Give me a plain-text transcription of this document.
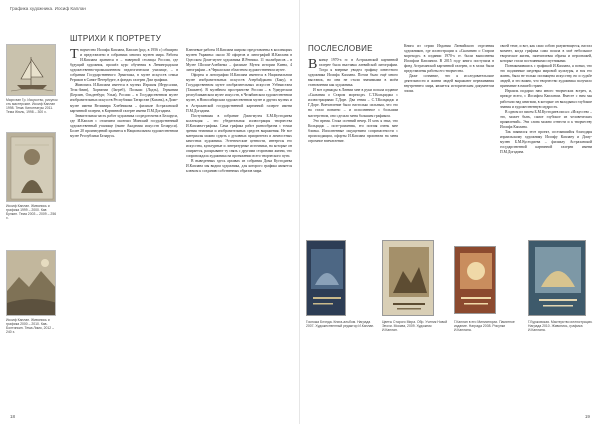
Графика художника. Иосиф Каплан
Мари ван Гр. Искусство, рисунок сть мастерские. Иосиф Каплан 1998. Тема: Кинотеатры 2011. Тема Жюль, 1998 – 300 х.
Иосиф Каплан. Живопись и графика 1999 – 2000. Кав Булкин. Тема 2003 – 2009 – 256 х.
Иосиф Каплан. Живопись и графика 2000 – 2010. Кав-Болтинкин. Тема Лимо, 2012 – 240 х.
ШТРИХИ К ПОРТРЕТУ

Творчество Иосифа Каплана, Каплан (род. в 1956 г.) обширно и представлено в собраниях многих музеев мира. Работы И.Каплана хранятся в – наверной столицы России, где будущий художник, прошёл курс обучения в Ленинградском художественно-промышленном педагогическом училище, – в собрании Государственного Эрмитажа, в музее искусств семьи Рерихов в Санкт-Петербурге, в фондах галереи Дом графики.

Живопись И.Каплана имеется в музеях Израиля (Иерусалим, Тель-Авив), Хорватии (Загреб), Польши (Лодзь), Германии (Берлин, Ольденбург, Ульм), России – в Государственном музее изобразительных искусств Республики Татарстан (Казань), в Доме-музее имени Велимира Хлебникова – филиале Астраханской картинной галереи, в Картинной галерее имени П.М.Догадина.

Значительная часть работ художника сосредоточена в Беларуси, где И.Каплан с отличием окончил Минский государственный художественный училище (ныне Академия искусств Беларуси). Более 20 произведений хранится в Национальном художественном музее Республики Беларусь.

Ключевые работы И.Каплана широко представлены в коллекциях музеев Украины: около 30 офортов и литографий И.Каплана в Одесском Доме-музее художника И.Ревзика. 11 экслибрисов – в Музее Шолом-Алейхема – филиале Музея истории Киева, 4 литографии – в Черкасском областном художественном музее.

Офорты и литографии И.Каплана имеются в Национальном музее изобразительных искусств Азербайджана (Баку), в Государственном музее изобразительных искусств Узбекистана (Ташкент). В музейном пространстве России – в Удмуртском республиканском музее искусств, в Челябинском художественном музее, в Новосибирском художественном музее и других музеях и в Астраханской государственной картинной галерее имени П.М.Догадина.

Поступившая в собрание Дома-музея Б.М.Кустодиева коллекция – это убедительная иллюстрация творчества И.Каплана-графика. Сама графика работ разнообразна с точки зрения тематики и изобразительных средств выражения. Не все материалы можно судить о духовных приоритетах и личностных качествах художника. Эстетические ценности, интересы его искусства, культурные и литературные источники, на которые он опирается, раскрывают ту связь с другими сторонами жизни, что сопровождала художника на протяжении всего творческого пути.

В выведенных здесь архивах из собрания Дома Кустодиева И.Каплана мы видим художника, для которого графика является ключом к созданию собственных образов мира.

18
ПОСЛЕСЛОВИЕ

Вконце 1970-х гг. в Астраханской картинной галерее была выставка латвийской литографии. Тогда я впервые увидел графику известного художника Иосифа Каплана. Потом было ещё много выставок, но они не стали значимыми в моём становлении как художника.

И вот однажды в Латвии мне в руки попала издание «Сказания о Старом мореходе» С.Т.Кольриджа с иллюстрациями Г.Доре. Два гения – С.Т.Кольридж и Г.Доре. Впечатление было настолько сильным, что это на стало понятно – и исполненное с большим мастерством, оно сделало меня большим графиком.

Это время. Стоял осенний вечер. И хоть я знал, что Кольридж – поэт-романтик, его поэзия очень мне близка. Исполненные ощущением сопричастности с происходящим, офорты И.Каплана произвели на меня огромное впечатление.

Книга из серии Издания Латвийского отделения художников, где иллюстрации к «Сказанию о Старом мореходе» в издании 1970-х гг. были выполнены Иосифом Капланом. В 2015 году книга поступила в фонд Астраханской картинной галереи, и в залах были представлены работы его творчества.

Даже сознание, что я исследовательские деятельности и жизни людей выражают переживания внутреннего мира, является историческим документом эпохи.

своей теме, и вот, как само собою разумеющееся, настал момент, когда графика сама пошла в моё небольшое творческое жизнь, запечатлевая образы и персонажей, которые стали постоянными спутниками.

Познакомившись с графикой И.Каплана, я понял, что это подлинные шедевры мировой культуры, и вся его жизнь, была не только посвящена искусству, но и судьбе людей, и это важно, что творчество художника получило признание в нашей стране.

Израиль подарил нам много творческих встреч, и, прежде всего, с Иосифом Капланом. Вместе с ним мы работали над книгами, в которые он вкладывал глубокие знания и художественную мудрость.

В одном из писем Б.М.Кустодиев писал: «Искусство – это, может быть, самое глубокое из человеческих проявлений». Эти слова можно отнести и к творчеству Иосифа Каплана.

Так появился этот проект, состоявшийся благодаря израильскому художнику Иосифу Каплану и Дому-музею Б.М.Кустодиева – филиалу Астраханской государственной картинной галереи имени П.М.Догадина.

19
Госпожа Блэнда. Книга-альбом. Награда 2007. Художественный редактор И.Каплан.
Цветы Старого Мира. Обр. Ученик Новой Эпохи. Москва, 2009. Художник И.Каплан.
Г.Каплан в его Миниатюрах. Памятное издание. Награда 2008. Рисунки И.Каплана.
Г.Буржовская. Мастерство иллюстрации. Награда 2010. Живопись, графика И.Каплана.
